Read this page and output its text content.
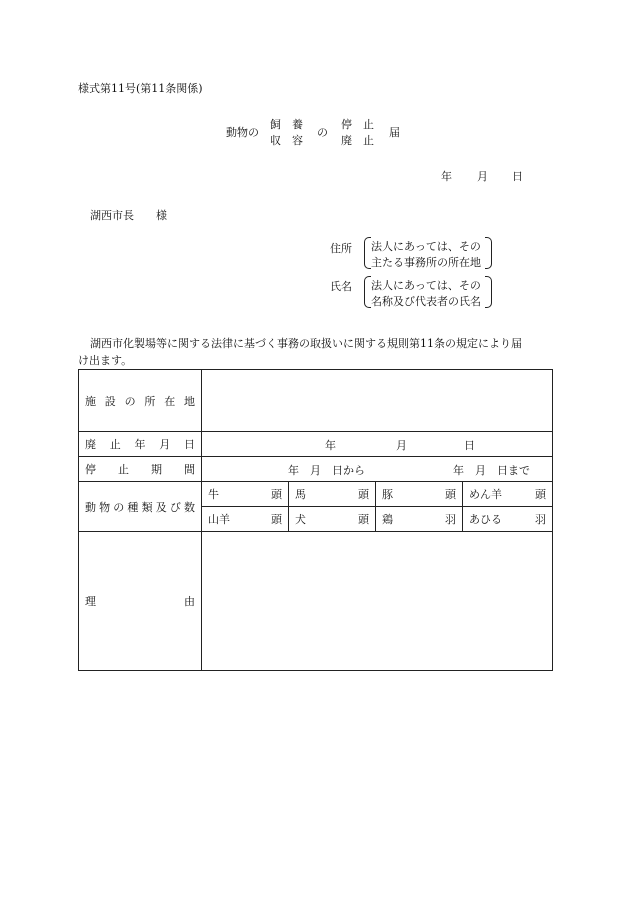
様式第11号(第11条関係)
動物の
飼　養
収　容
の
停　止
廃　止
届
年 月 日
湖西市長　　様
住所 法人にあっては、その
主たる事務所の所在地
氏名 法人にあっては、その
名称及び代表者の氏名
湖西市化製場等に関する法律に基づく事務の取扱いに関する規則第11条の規定により届
け出ます。
施設の所在地				

廃止年月日	年 月 日			

停止期間	年　月　日から 年　月　日まで			

動物の種類及び数	牛 頭	馬 頭	豚 頭	めん羊 頭

	山羊 頭	犬 頭	鶏 羽	あひる 羽

理 由				
